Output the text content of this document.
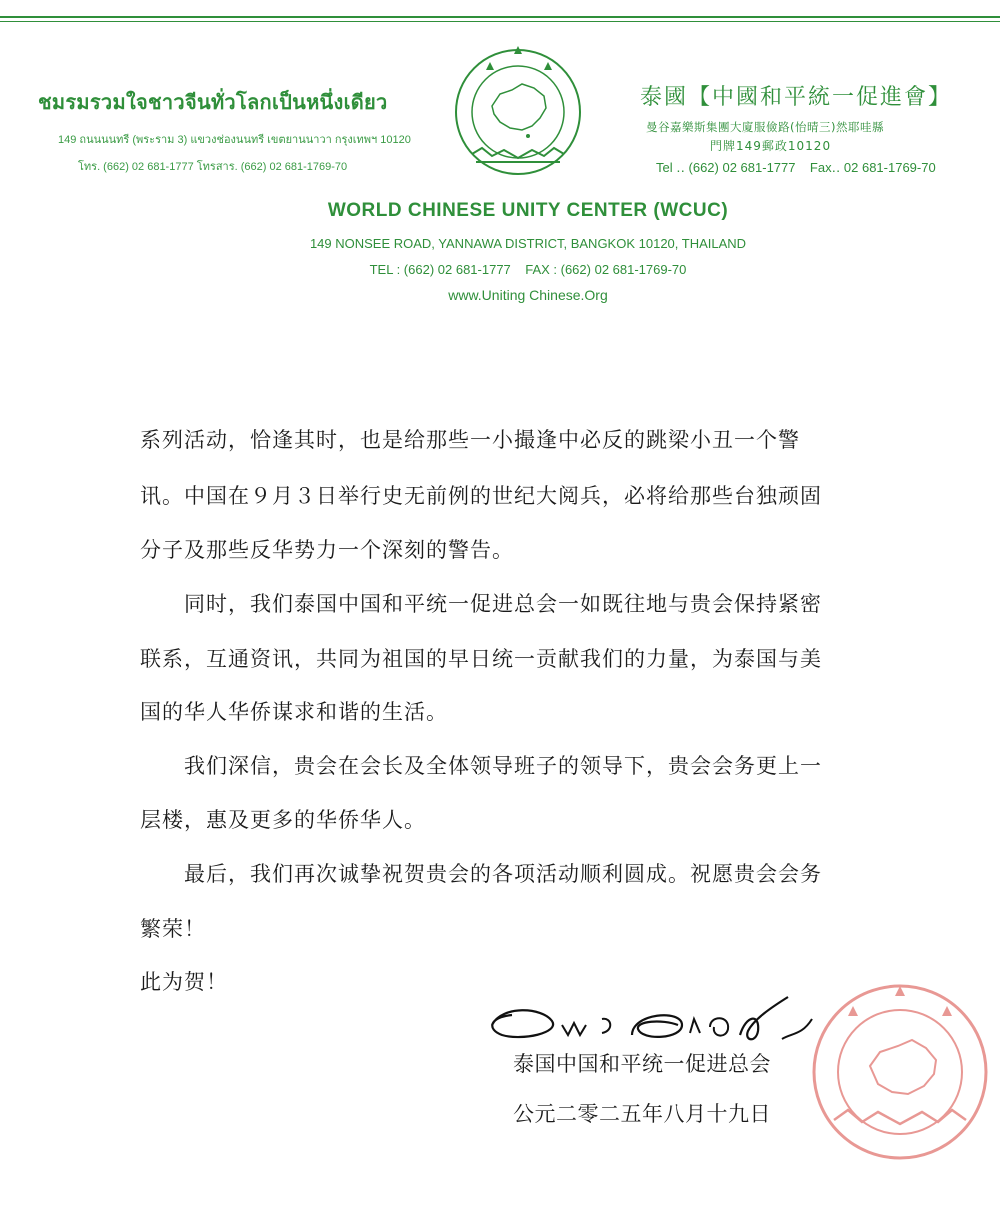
ชมรมรวมใจชาวจีนทั่วโลกเป็นหนึ่งเดียว
149 ถนนนนทรี (พระราม 3) แขวงช่องนนทรี เขตยานนาวา กรุงเทพฯ 10120
โทร. (662) 02 681-1777 โทรสาร. (662) 02 681-1769-70
泰國【中國和平統一促進會】
曼谷嘉樂斯集團大廈服儉路(怡晴三)然耶哇縣
門牌149郵政10120
Tel ‥ (662) 02 681-1777    Fax‥ 02 681-1769-70
WORLD CHINESE UNITY CENTER (WCUC)
149 NONSEE ROAD, YANNAWA DISTRICT, BANGKOK 10120, THAILAND
TEL : (662) 02 681-1777    FAX : (662) 02 681-1769-70
www.Uniting Chinese.Org
系列活动，恰逢其时，也是给那些一小撮逢中必反的跳梁小丑一个警
讯。中国在９月３日举行史无前例的世纪大阅兵，必将给那些台独顽固
分子及那些反华势力一个深刻的警告。
　　同时，我们泰国中国和平统一促进总会一如既往地与贵会保持紧密
联系，互通资讯，共同为祖国的早日统一贡献我们的力量，为泰国与美
国的华人华侨谋求和谐的生活。
　　我们深信，贵会在会长及全体领导班子的领导下，贵会会务更上一
层楼，惠及更多的华侨华人。
　　最后，我们再次诚挚祝贺贵会的各项活动顺利圆成。祝愿贵会会务
繁荣！
此为贺！
泰国中国和平统一促进总会
公元二零二五年八月十九日
